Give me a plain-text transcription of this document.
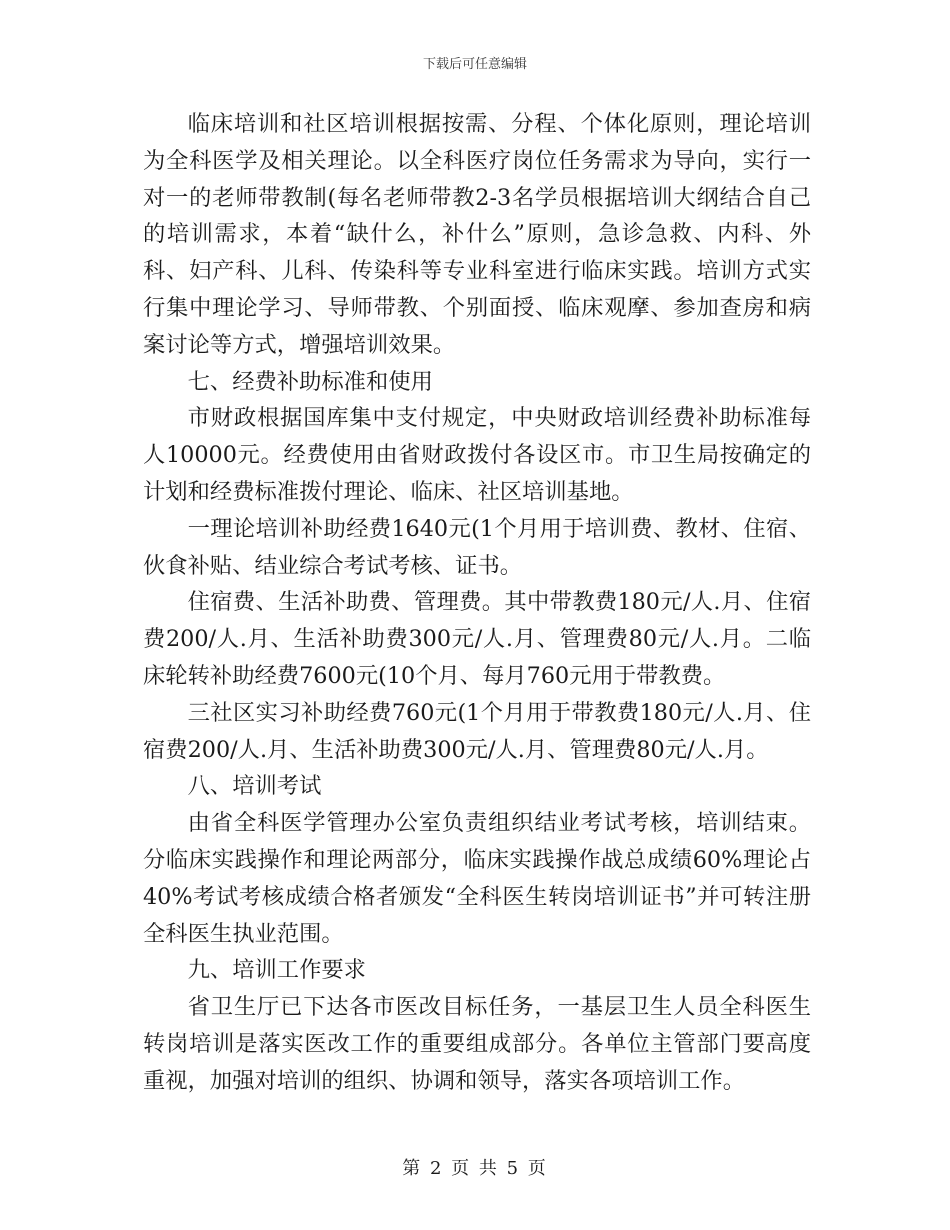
下载后可任意编辑

临床培训和社区培训根据按需、分程、个体化原则，理论培训为全科医学及相关理论。以全科医疗岗位任务需求为导向，实行一对一的老师带教制(每名老师带教2-3名学员根据培训大纲结合自己的培训需求，本着“缺什么，补什么”原则，急诊急救、内科、外科、妇产科、儿科、传染科等专业科室进行临床实践。培训方式实行集中理论学习、导师带教、个别面授、临床观摩、参加查房和病案讨论等方式，增强培训效果。

七、经费补助标准和使用

市财政根据国库集中支付规定，中央财政培训经费补助标准每人10000元。经费使用由省财政拨付各设区市。市卫生局按确定的计划和经费标准拨付理论、临床、社区培训基地。

一理论培训补助经费1640元(1个月用于培训费、教材、住宿、伙食补贴、结业综合考试考核、证书。

住宿费、生活补助费、管理费。其中带教费180元/人.月、住宿费200/人.月、生活补助费300元/人.月、管理费80元/人.月。二临床轮转补助经费7600元(10个月、每月760元用于带教费。

三社区实习补助经费760元(1个月用于带教费180元/人.月、住宿费200/人.月、生活补助费300元/人.月、管理费80元/人.月。

八、培训考试

由省全科医学管理办公室负责组织结业考试考核，培训结束。分临床实践操作和理论两部分，临床实践操作战总成绩60%理论占40%考试考核成绩合格者颁发“全科医生转岗培训证书”并可转注册全科医生执业范围。

九、培训工作要求

省卫生厅已下达各市医改目标任务，一基层卫生人员全科医生转岗培训是落实医改工作的重要组成部分。各单位主管部门要高度重视，加强对培训的组织、协调和领导，落实各项培训工作。

第 2 页 共 5 页
